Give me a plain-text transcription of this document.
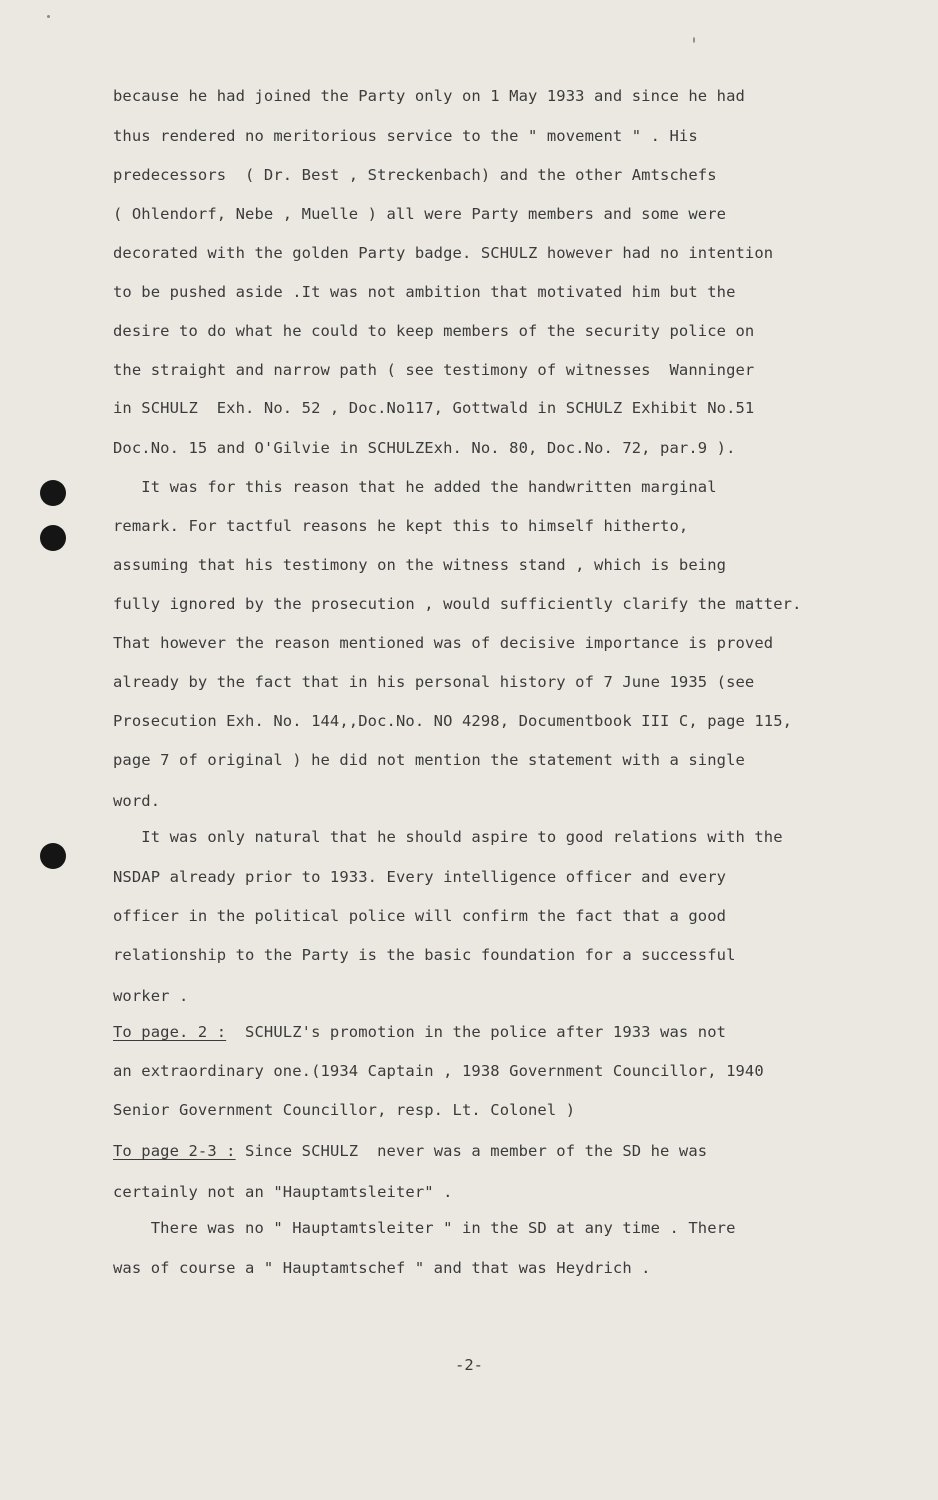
because he had joined the Party only on 1 May 1933 and since he had
thus rendered no meritorious service to the " movement " . His
predecessors  ( Dr. Best , Streckenbach) and the other Amtschefs
( Ohlendorf, Nebe , Muelle ) all were Party members and some were
decorated with the golden Party badge. SCHULZ however had no intention
to be pushed aside .It was not ambition that motivated him but the
desire to do what he could to keep members of the security police on
the straight and narrow path ( see testimony of witnesses  Wanninger
in SCHULZ  Exh. No. 52 , Doc.No117, Gottwald in SCHULZ Exhibit No.51
Doc.No. 15 and O'Gilvie in SCHULZExh. No. 80, Doc.No. 72, par.9 ).
It was for this reason that he added the handwritten marginal
remark. For tactful reasons he kept this to himself hitherto,
assuming that his testimony on the witness stand , which is being
fully ignored by the prosecution , would sufficiently clarify the matter.
That however the reason mentioned was of decisive importance is proved
already by the fact that in his personal history of 7 June 1935 (see
Prosecution Exh. No. 144,,Doc.No. NO 4298, Documentbook III C, page 115,
page 7 of original ) he did not mention the statement with a single
word.
It was only natural that he should aspire to good relations with the
NSDAP already prior to 1933. Every intelligence officer and every
officer in the political police will confirm the fact that a good
relationship to the Party is the basic foundation for a successful
worker .
To page. 2 :  SCHULZ's promotion in the police after 1933 was not
an extraordinary one.(1934 Captain , 1938 Government Councillor, 1940
Senior Government Councillor, resp. Lt. Colonel )
To page 2-3 : Since SCHULZ  never was a member of the SD he was
certainly not an "Hauptamtsleiter" .
There was no " Hauptamtsleiter " in the SD at any time . There
was of course a " Hauptamtschef " and that was Heydrich .
-2-
